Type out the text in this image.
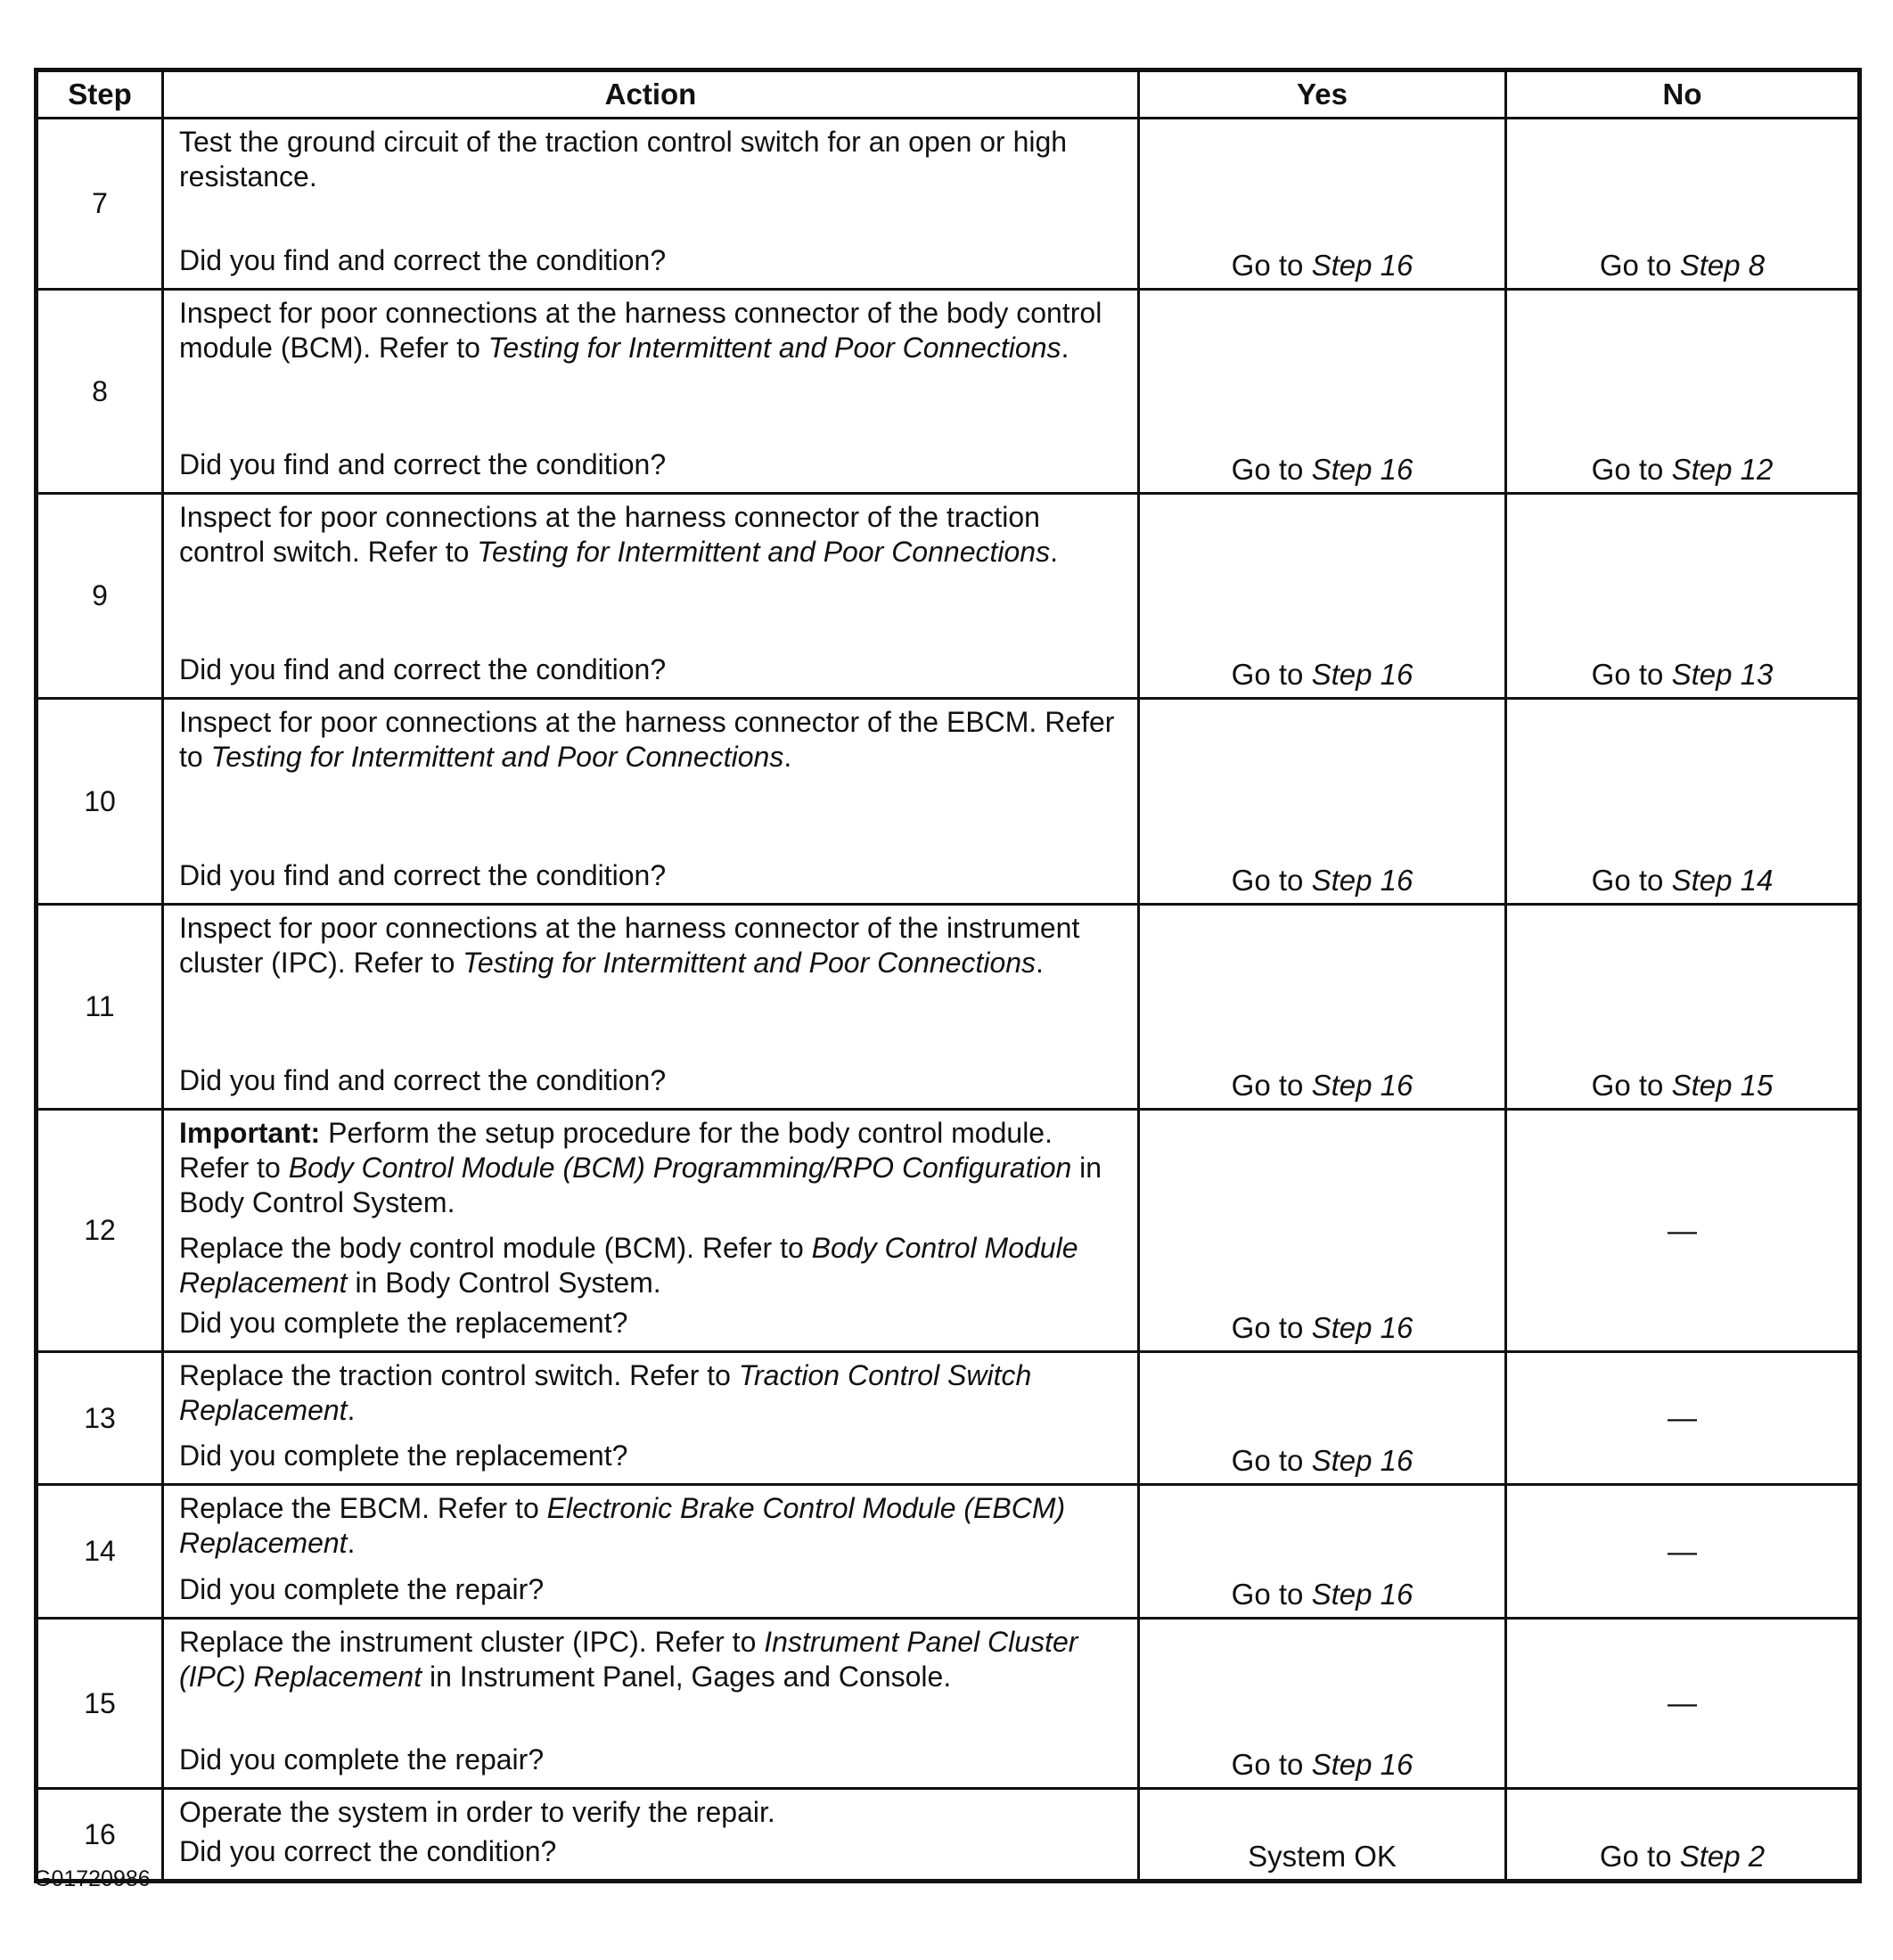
Step	Action	Yes	No
7	Test the ground circuit of the traction control switch for an open or high resistance.
Did you find and correct the condition?	Go to Step 16	Go to Step 8
8	Inspect for poor connections at the harness connector of the body control module (BCM). Refer to Testing for Intermittent and Poor Connections.
Did you find and correct the condition?	Go to Step 16	Go to Step 12
9	Inspect for poor connections at the harness connector of the traction control switch. Refer to Testing for Intermittent and Poor Connections.
Did you find and correct the condition?	Go to Step 16	Go to Step 13
10	Inspect for poor connections at the harness connector of the EBCM. Refer to Testing for Intermittent and Poor Connections.
Did you find and correct the condition?	Go to Step 16	Go to Step 14
11	Inspect for poor connections at the harness connector of the instrument cluster (IPC). Refer to Testing for Intermittent and Poor Connections.
Did you find and correct the condition?	Go to Step 16	Go to Step 15
12	Important: Perform the setup procedure for the body control module. Refer to Body Control Module (BCM) Programming/RPO Configuration in Body Control System.
Replace the body control module (BCM). Refer to Body Control Module Replacement in Body Control System.
Did you complete the replacement?	Go to Step 16	—
13	Replace the traction control switch. Refer to Traction Control Switch Replacement.
Did you complete the replacement?	Go to Step 16	—
14	Replace the EBCM. Refer to Electronic Brake Control Module (EBCM) Replacement.
Did you complete the repair?	Go to Step 16	—
15	Replace the instrument cluster (IPC). Refer to Instrument Panel Cluster (IPC) Replacement in Instrument Panel, Gages and Console.
Did you complete the repair?	Go to Step 16	—
16	Operate the system in order to verify the repair.
Did you correct the condition?	System OK	Go to Step 2
G01720986
